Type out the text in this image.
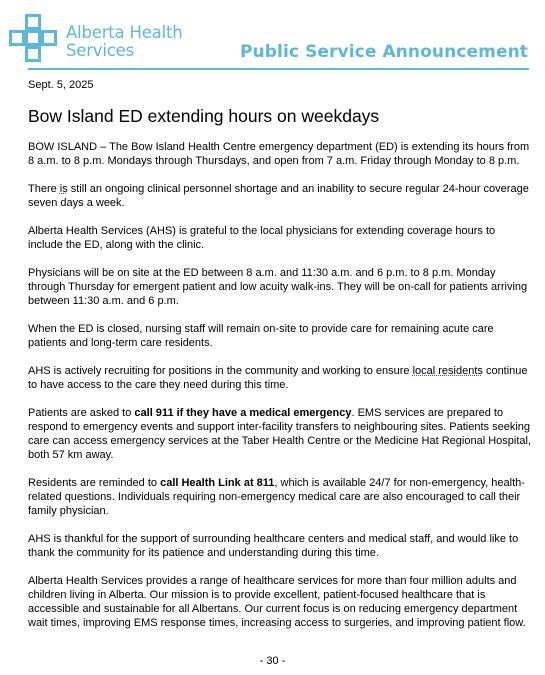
Alberta Health
Services	Public Service Announcement
Sept. 5, 2025
Bow Island ED extending hours on weekdays

BOW ISLAND – The Bow Island Health Centre emergency department (ED) is extending its hours from 8 a.m. to 8 p.m. Mondays through Thursdays, and open from 7 a.m. Friday through Monday to 8 p.m.

There is still an ongoing clinical personnel shortage and an inability to secure regular 24-hour coverage seven days a week.

Alberta Health Services (AHS) is grateful to the local physicians for extending coverage hours to include the ED, along with the clinic.

Physicians will be on site at the ED between 8 a.m. and 11:30 a.m. and 6 p.m. to 8 p.m. Monday through Thursday for emergent patient and low acuity walk-ins. They will be on-call for patients arriving between 11:30 a.m. and 6 p.m.

When the ED is closed, nursing staff will remain on-site to provide care for remaining acute care patients and long-term care residents.

AHS is actively recruiting for positions in the community and working to ensure local residents continue to have access to the care they need during this time.

Patients are asked to call 911 if they have a medical emergency. EMS services are prepared to respond to emergency events and support inter-facility transfers to neighbouring sites. Patients seeking care can access emergency services at the Taber Health Centre or the Medicine Hat Regional Hospital, both 57 km away.

Residents are reminded to call Health Link at 811, which is available 24/7 for non-emergency, health-related questions. Individuals requiring non-emergency medical care are also encouraged to call their family physician.

AHS is thankful for the support of surrounding healthcare centers and medical staff, and would like to thank the community for its patience and understanding during this time.

Alberta Health Services provides a range of healthcare services for more than four million adults and children living in Alberta. Our mission is to provide excellent, patient-focused healthcare that is accessible and sustainable for all Albertans. Our current focus is on reducing emergency department wait times, improving EMS response times, increasing access to surgeries, and improving patient flow.

- 30 -
